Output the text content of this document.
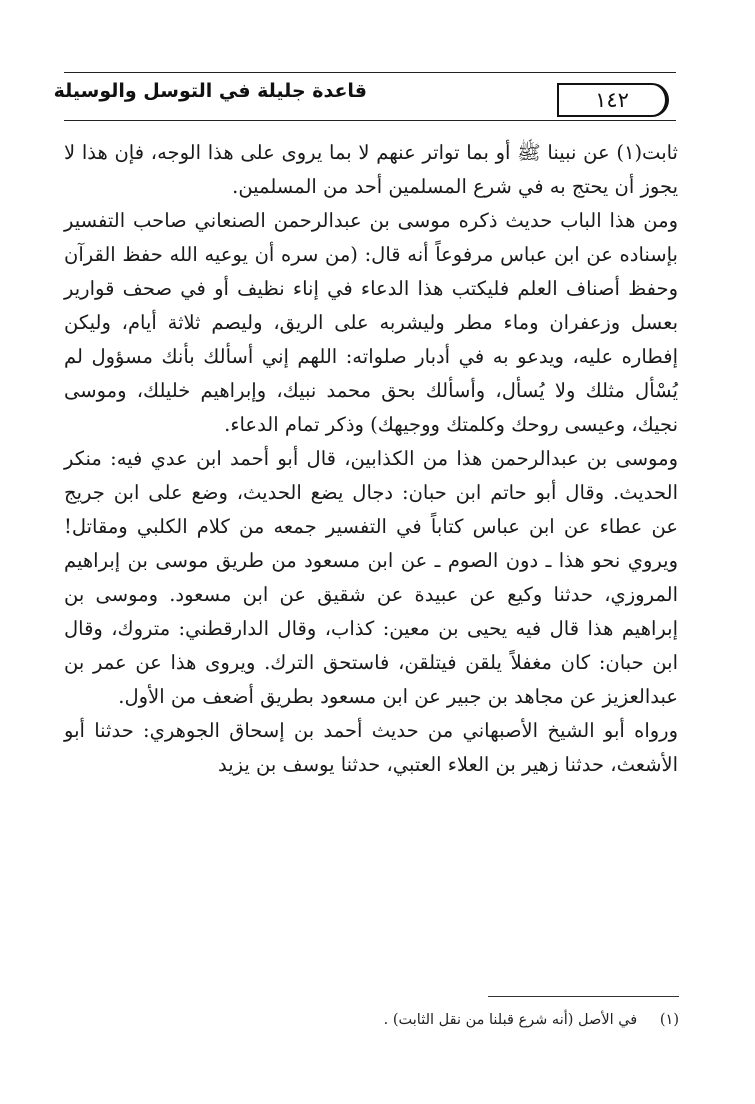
قاعدة جليلة في التوسل والوسيلة	١٤٢

ثابت(١) عن نبينا ﷺ أو بما تواتر عنهم لا بما يروى على هذا الوجه، فإن هذا لا يجوز أن يحتج به في شرع المسلمين أحد من المسلمين.

ومن هذا الباب حديث ذكره موسى بن عبدالرحمن الصنعاني صاحب التفسير بإسناده عن ابن عباس مرفوعاً أنه قال: (من سره أن يوعيه الله حفظ القرآن وحفظ أصناف العلم فليكتب هذا الدعاء في إناء نظيف أو في صحف قوارير بعسل وزعفران وماء مطر وليشربه على الريق، وليصم ثلاثة أيام، وليكن إفطاره عليه، ويدعو به في أدبار صلواته: اللهم إني أسألك بأنك مسؤول لم يُسْأل مثلك ولا يُسأل، وأسألك بحق محمد نبيك، وإبراهيم خليلك، وموسى نجيك، وعيسى روحك وكلمتك ووجيهك) وذكر تمام الدعاء.

وموسى بن عبدالرحمن هذا من الكذابين، قال أبو أحمد ابن عدي فيه: منكر الحديث. وقال أبو حاتم ابن حبان: دجال يضع الحديث، وضع على ابن جريج عن عطاء عن ابن عباس كتاباً في التفسير جمعه من كلام الكلبي ومقاتل! ويروي نحو هذا ـ دون الصوم ـ عن ابن مسعود من طريق موسى بن إبراهيم المروزي، حدثنا وكيع عن عبيدة عن شقيق عن ابن مسعود. وموسى بن إبراهيم هذا قال فيه يحيى بن معين: كذاب، وقال الدارقطني: متروك، وقال ابن حبان: كان مغفلاً يلقن فيتلقن، فاستحق الترك. ويروى هذا عن عمر بن عبدالعزيز عن مجاهد بن جبير عن ابن مسعود بطريق أضعف من الأول.

ورواه أبو الشيخ الأصبهاني من حديث أحمد بن إسحاق الجوهري: حدثنا أبو الأشعث، حدثنا زهير بن العلاء العتبي، حدثنا يوسف بن يزيد

(١) في الأصل (أنه شرع قبلنا من نقل الثابت) .
